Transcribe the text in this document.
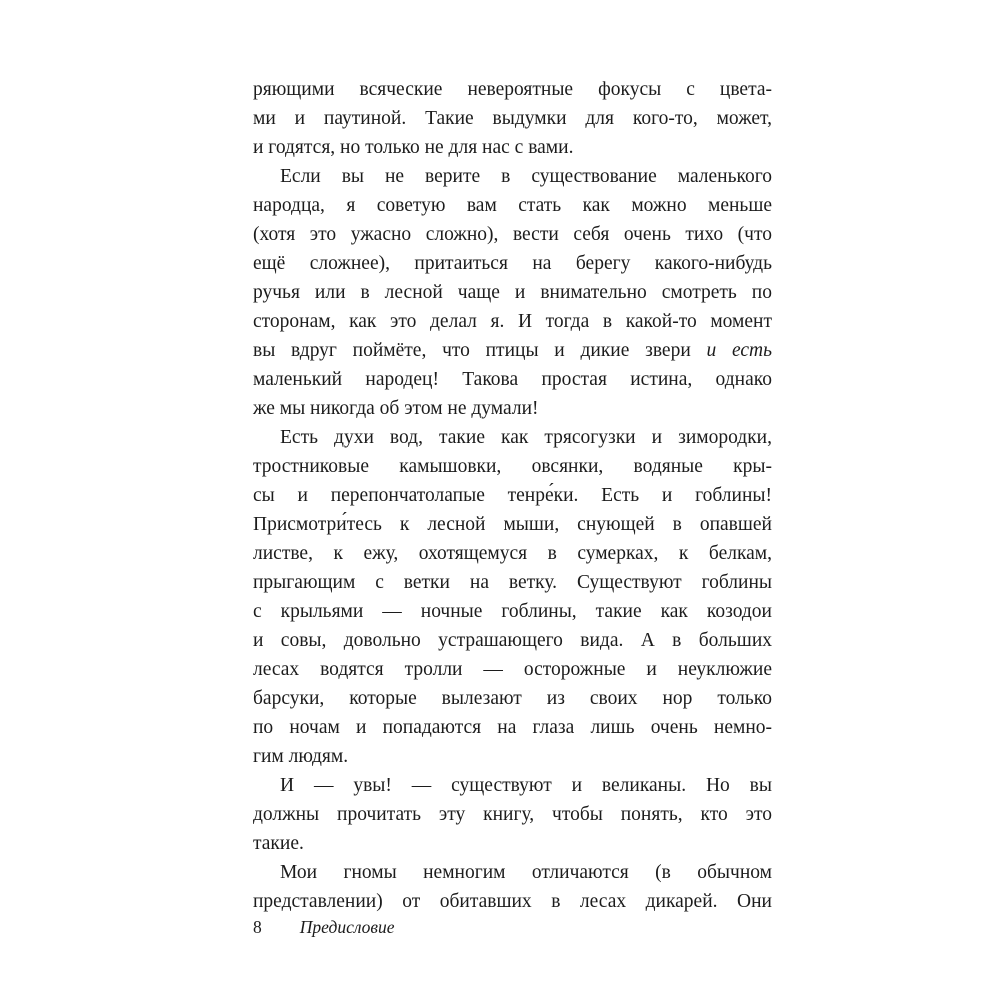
ряющими всяческие невероятные фокусы с цвета-
ми и паутиной. Такие выдумки для кого-то, может,
и годятся, но только не для нас с вами.
Если вы не верите в существование маленького
народца, я советую вам стать как можно меньше
(хотя это ужасно сложно), вести себя очень тихо (что
ещё сложнее), притаиться на берегу какого-нибудь
ручья или в лесной чаще и внимательно смотреть по
сторонам, как это делал я. И тогда в какой-то момент
вы вдруг поймёте, что птицы и дикие звери и есть
маленький народец! Такова простая истина, однако
же мы никогда об этом не думали!
Есть духи вод, такие как трясогузки и зимородки,
тростниковые камышовки, овсянки, водяные кры-
сы и перепончатолапые тенре́ки. Есть и гоблины!
Присмотри́тесь к лесной мыши, снующей в опавшей
листве, к ежу, охотящемуся в сумерках, к белкам,
прыгающим с ветки на ветку. Существуют гоблины
с крыльями — ночные гоблины, такие как козодои
и совы, довольно устрашающего вида. А в больших
лесах водятся тролли — осторожные и неуклюжие
барсуки, которые вылезают из своих нор только
по ночам и попадаются на глаза лишь очень немно-
гим людям.
И — увы! — существуют и великаны. Но вы
должны прочитать эту книгу, чтобы понять, кто это
такие.
Мои гномы немногим отличаются (в обычном
представлении) от обитавших в лесах дикарей. Они
8 Предисловие
